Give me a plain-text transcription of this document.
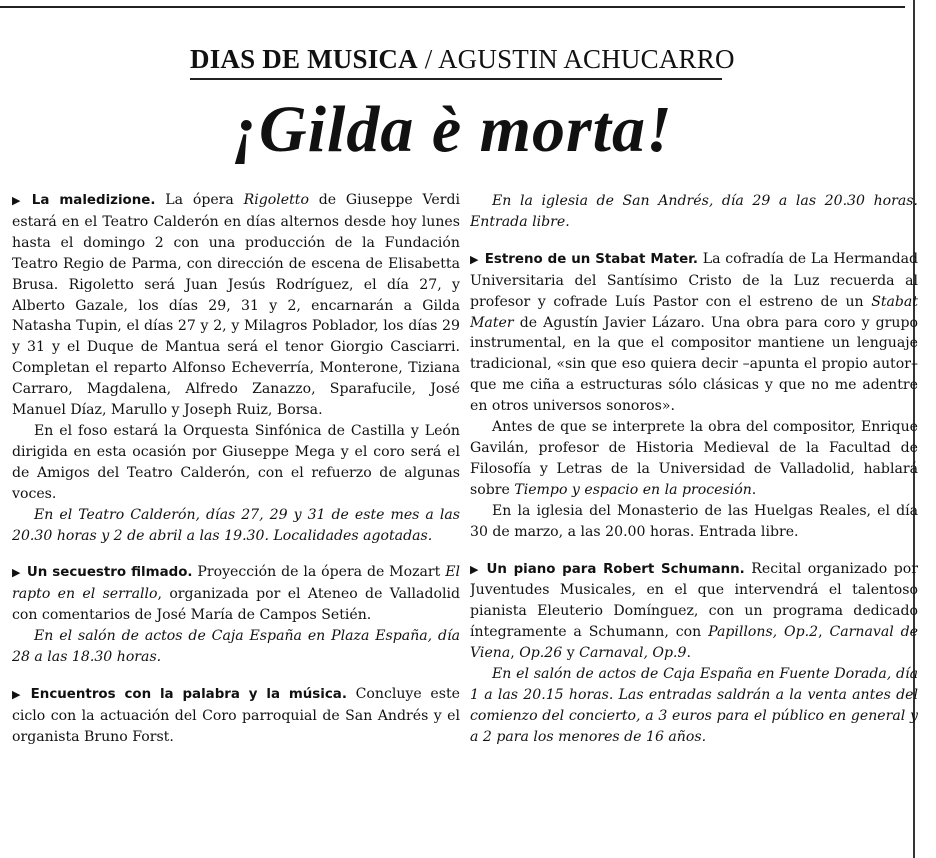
DIAS DE MUSICA / AGUSTIN ACHUCARRO
¡Gilda è morta!

▶ La maledizione. La ópera Rigoletto de Giuseppe Verdi estará en el Teatro Calderón en días alternos desde hoy lunes hasta el domingo 2 con una producción de la Fundación Teatro Regio de Parma, con dirección de escena de Elisabetta Brusa. Rigoletto será Juan Jesús Rodríguez, el día 27, y Alberto Gazale, los días 29, 31 y 2, encarnarán a Gilda Natasha Tupin, el días 27 y 2, y Milagros Poblador, los días 29 y 31 y el Duque de Mantua será el tenor Giorgio Casciarri. Completan el reparto Alfonso Echeverría, Monterone, Tiziana Carraro, Magdalena, Alfredo Zanazzo, Sparafucile, José Manuel Díaz, Marullo y Joseph Ruiz, Borsa.

En el foso estará la Orquesta Sinfónica de Castilla y León dirigida en esta ocasión por Giuseppe Mega y el coro será el de Amigos del Teatro Calderón, con el refuerzo de algunas voces.

En el Teatro Calderón, días 27, 29 y 31 de este mes a las 20.30 horas y 2 de abril a las 19.30. Localidades agotadas.

▶ Un secuestro filmado. Proyección de la ópera de Mozart El rapto en el serrallo, organizada por el Ateneo de Valladolid con comentarios de José María de Campos Setién.

En el salón de actos de Caja España en Plaza España, día 28 a las 18.30 horas.

▶ Encuentros con la palabra y la música. Concluye este ciclo con la actuación del Coro parroquial de San Andrés y el organista Bruno Forst.

En la iglesia de San Andrés, día 29 a las 20.30 horas. Entrada libre.

▶ Estreno de un Stabat Mater. La cofradía de La Hermandad Universitaria del Santísimo Cristo de la Luz recuerda al profesor y cofrade Luís Pastor con el estreno de un Stabat Mater de Agustín Javier Lázaro. Una obra para coro y grupo instrumental, en la que el compositor mantiene un lenguaje tradicional, «sin que eso quiera decir –apunta el propio autor– que me ciña a estructuras sólo clásicas y que no me adentre en otros universos sonoros».

Antes de que se interprete la obra del compositor, Enrique Gavilán, profesor de Historia Medieval de la Facultad de Filosofía y Letras de la Universidad de Valladolid, hablará sobre Tiempo y espacio en la procesión.

En la iglesia del Monasterio de las Huelgas Reales, el día 30 de marzo, a las 20.00 horas. Entrada libre.

▶ Un piano para Robert Schumann. Recital organizado por Juventudes Musicales, en el que intervendrá el talentoso pianista Eleuterio Domínguez, con un programa dedicado íntegramente a Schumann, con Papillons, Op.2, Carnaval de Viena, Op.26 y Carnaval, Op.9.

En el salón de actos de Caja España en Fuente Dorada, día 1 a las 20.15 horas. Las entradas saldrán a la venta antes del comienzo del concierto, a 3 euros para el público en general y a 2 para los menores de 16 años.
